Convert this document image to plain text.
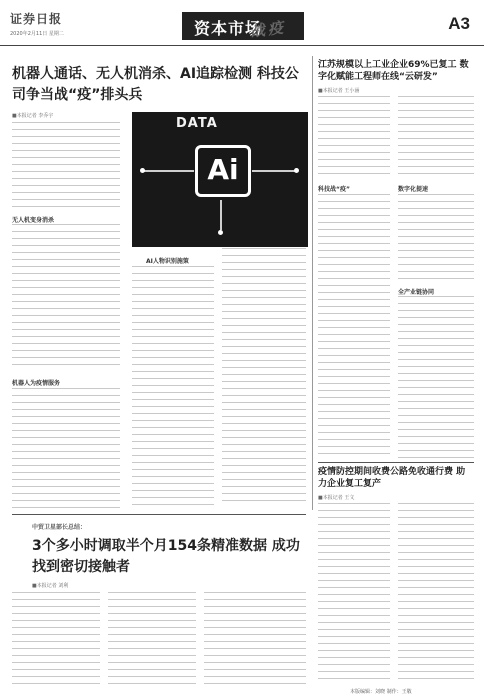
证券日报
2020年2月11日 星期二	资本市场
战疫	A3
机器人通话、无人机消杀、AI追踪检测 科技公司争当战“疫”排头兵
■本报记者 李乔宇
无人机变身消杀
机器人为疫情服务
DATA
Ai
AI人物识别施策
江苏规模以上工业企业69%已复工 数字化赋能工程师在线“云研发”
■本报记者 王小涵
科技战“疫”	数字化提速
全产业链协同
中贸卫星部长总结：
3个多小时调取半个月154条精准数据 成功找到密切接触者
■本报记者 刘利
疫情防控期间收费公路免收通行费 助力企业复工复产
■本报记者 王文
本版编辑：刘晓 制作：王敬
